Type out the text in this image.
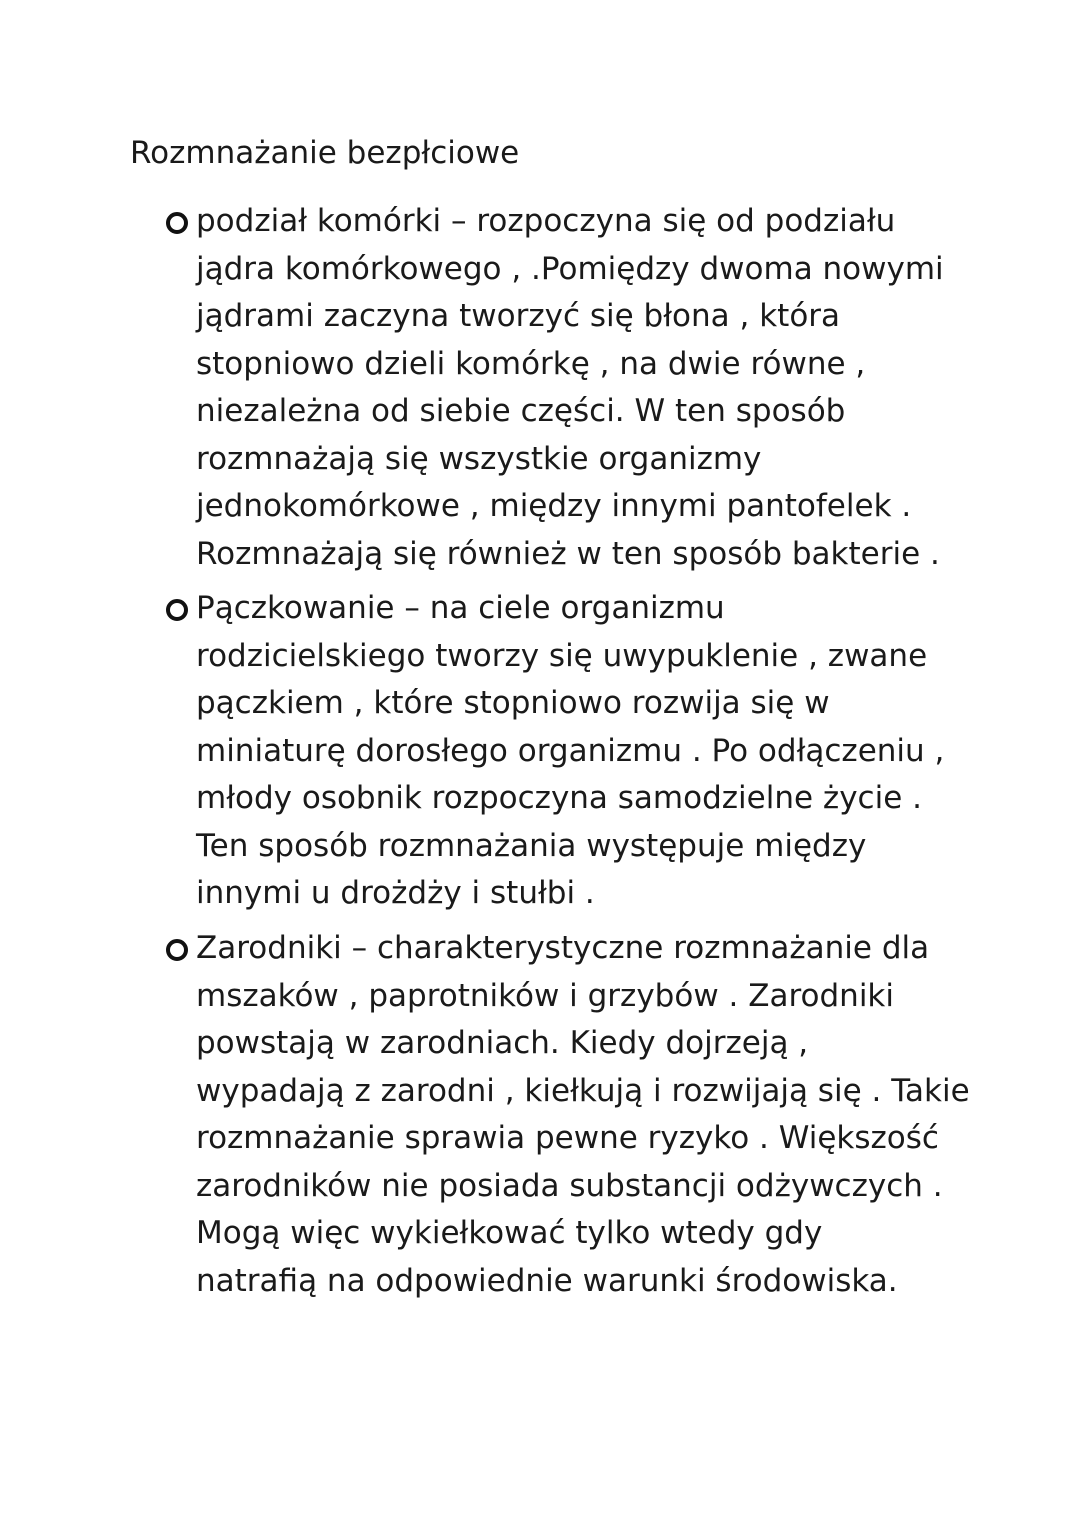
Rozmnażanie bezpłciowe

podział komórki – rozpoczyna się od podziału
jądra komórkowego , .Pomiędzy dwoma nowymi
jądrami zaczyna tworzyć się błona , która
stopniowo dzieli komórkę , na dwie równe ,
niezależna od siebie części. W ten sposób
rozmnażają się wszystkie organizmy
jednokomórkowe , między innymi pantofelek .
Rozmnażają się również w ten sposób bakterie .

Pączkowanie – na ciele organizmu
rodzicielskiego tworzy się uwypuklenie , zwane
pączkiem , które stopniowo rozwija się w
miniaturę dorosłego organizmu . Po odłączeniu ,
młody osobnik rozpoczyna samodzielne życie .
Ten sposób rozmnażania występuje między
innymi u drożdży i stułbi .

Zarodniki – charakterystyczne rozmnażanie dla
mszaków , paprotników i grzybów . Zarodniki
powstają w zarodniach. Kiedy dojrzeją ,
wypadają z zarodni , kiełkują i rozwijają się . Takie
rozmnażanie sprawia pewne ryzyko . Większość
zarodników nie posiada substancji odżywczych .
Mogą więc wykiełkować tylko wtedy gdy
natrafią na odpowiednie warunki środowiska.
